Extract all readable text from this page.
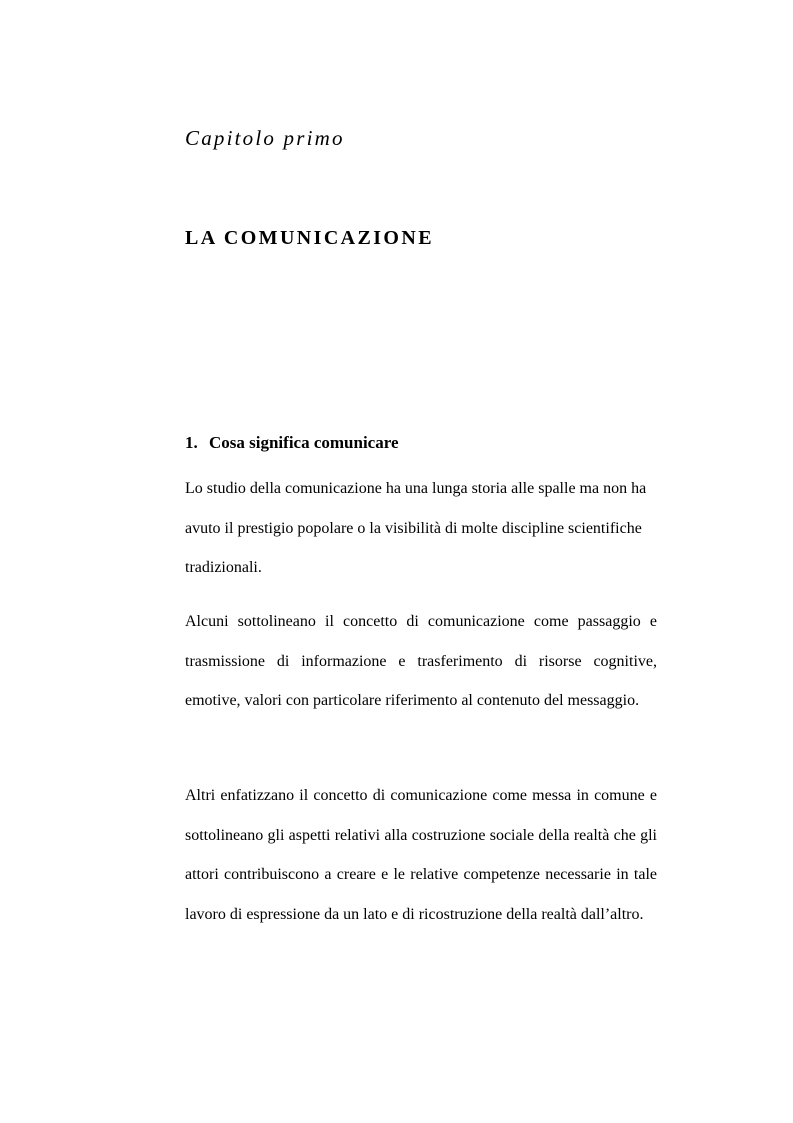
Capitolo primo
LA COMUNICAZIONE
1. Cosa significa comunicare

Lo studio della comunicazione ha una lunga storia alle spalle ma non ha avuto il prestigio popolare o la visibilità di molte discipline scientifiche tradizionali.

Alcuni sottolineano il concetto di comunicazione come passaggio e trasmissione di informazione e trasferimento di risorse cognitive, emotive, valori con particolare riferimento al contenuto del messaggio.

Altri enfatizzano il concetto di comunicazione come messa in comune e sottolineano gli aspetti relativi alla costruzione sociale della realtà che gli attori contribuiscono a creare e le relative competenze necessarie in tale lavoro di espressione da un lato e di ricostruzione della realtà dall’altro.
